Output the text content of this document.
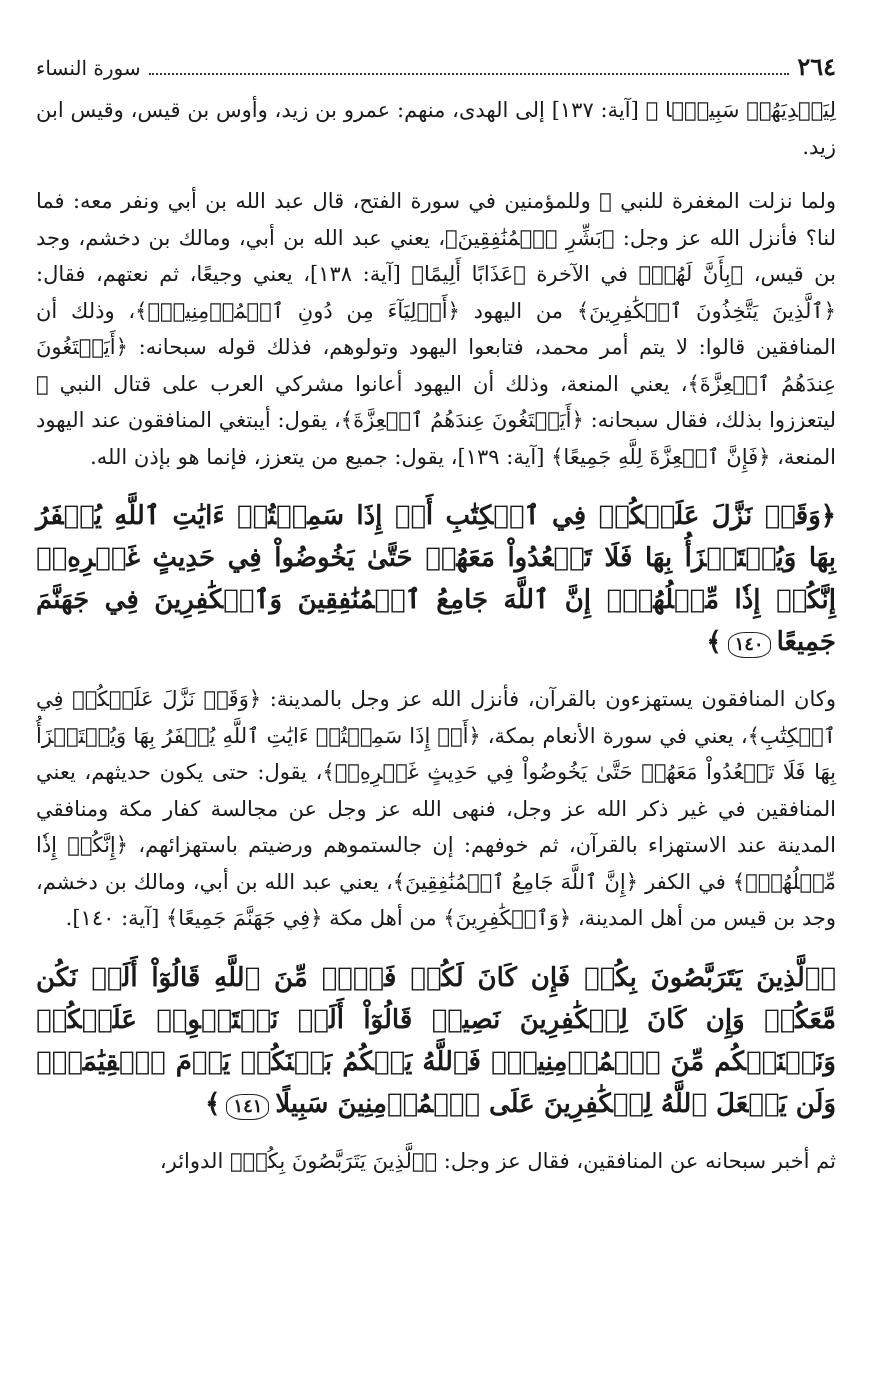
٢٦٤
سورة النساء

لِيَهۡدِيَهُمۡ سَبِيلَۢا ﴾ [آية: ١٣٧] إلى الهدى، منهم: عمرو بن زيد، وأوس بن قيس، وقيس ابن زيد.

ولما نزلت المغفرة للنبي ﷺ وللمؤمنين في سورة الفتح، قال عبد الله بن أبي ونفر معه: فما لنا؟ فأنزل الله عز وجل: ﴿بَشِّرِ ٱلۡمُنَٰفِقِينَ﴾، يعني عبد الله بن أبي، ومالك بن دخشم، وجد بن قيس، ﴿بِأَنَّ لَهُمۡ﴾ في الآخرة ﴿عَذَابًا أَلِيمًا﴾ [آية: ١٣٨]، يعني وجيعًا، ثم نعتهم، فقال: ﴿ٱلَّذِينَ يَتَّخِذُونَ ٱلۡكَٰفِرِينَ﴾ من اليهود ﴿أَوۡلِيَآءَ مِن دُونِ ٱلۡمُؤۡمِنِينَۚ﴾، وذلك أن المنافقين قالوا: لا يتم أمر محمد، فتابعوا اليهود وتولوهم، فذلك قوله سبحانه: ﴿أَيَبۡتَغُونَ عِندَهُمُ ٱلۡعِزَّةَ﴾، يعني المنعة، وذلك أن اليهود أعانوا مشركي العرب على قتال النبي ﷺ ليتعززوا بذلك، فقال سبحانه: ﴿أَيَبۡتَغُونَ عِندَهُمُ ٱلۡعِزَّةَ﴾، يقول: أيبتغي المنافقون عند اليهود المنعة، ﴿فَإِنَّ ٱلۡعِزَّةَ لِلَّهِ جَمِيعًا﴾ [آية: ١٣٩]، يقول: جميع من يتعزز، فإنما هو بإذن الله.

﴿وَقَدۡ نَزَّلَ عَلَيۡكُمۡ فِي ٱلۡكِتَٰبِ أَنۡ إِذَا سَمِعۡتُمۡ ءَايَٰتِ ٱللَّهِ يُكۡفَرُ بِهَا وَيُسۡتَهۡزَأُ بِهَا فَلَا تَقۡعُدُواْ مَعَهُمۡ حَتَّىٰ يَخُوضُواْ فِي حَدِيثٍ غَيۡرِهِۦٓ إِنَّكُمۡ إِذٗا مِّثۡلُهُمۡۗ إِنَّ ٱللَّهَ جَامِعُ ٱلۡمُنَٰفِقِينَ وَٱلۡكَٰفِرِينَ فِي جَهَنَّمَ جَمِيعًا١٤٠﴾

وكان المنافقون يستهزءون بالقرآن، فأنزل الله عز وجل بالمدينة: ﴿وَقَدۡ نَزَّلَ عَلَيۡكُمۡ فِي ٱلۡكِتَٰبِ﴾، يعني في سورة الأنعام بمكة، ﴿أَنۡ إِذَا سَمِعۡتُمۡ ءَايَٰتِ ٱللَّهِ يُكۡفَرُ بِهَا وَيُسۡتَهۡزَأُ بِهَا فَلَا تَقۡعُدُواْ مَعَهُمۡ حَتَّىٰ يَخُوضُواْ فِي حَدِيثٍ غَيۡرِهِۦٓ﴾، يقول: حتى يكون حديثهم، يعني المنافقين في غير ذكر الله عز وجل، فنهى الله عز وجل عن مجالسة كفار مكة ومنافقي المدينة عند الاستهزاء بالقرآن، ثم خوفهم: إن جالستموهم ورضيتم باستهزائهم، ﴿إِنَّكُمۡ إِذٗا مِّثۡلُهُمۡۗ﴾ في الكفر ﴿إِنَّ ٱللَّهَ جَامِعُ ٱلۡمُنَٰفِقِينَ﴾، يعني عبد الله بن أبي، ومالك بن دخشم، وجد بن قيس من أهل المدينة، ﴿وَٱلۡكَٰفِرِينَ﴾ من أهل مكة ﴿فِي جَهَنَّمَ جَمِيعًا﴾ [آية: ١٤٠].

﴿ٱلَّذِينَ يَتَرَبَّصُونَ بِكُمۡ فَإِن كَانَ لَكُمۡ فَتۡحٞ مِّنَ ٱللَّهِ قَالُوٓاْ أَلَمۡ نَكُن مَّعَكُمۡ وَإِن كَانَ لِلۡكَٰفِرِينَ نَصِيبٞ قَالُوٓاْ أَلَمۡ نَسۡتَحۡوِذۡ عَلَيۡكُمۡ وَنَمۡنَعۡكُم مِّنَ ٱلۡمُؤۡمِنِينَۚ فَٱللَّهُ يَحۡكُمُ بَيۡنَكُمۡ يَوۡمَ ٱلۡقِيَٰمَةِۗ وَلَن يَجۡعَلَ ٱللَّهُ لِلۡكَٰفِرِينَ عَلَى ٱلۡمُؤۡمِنِينَ سَبِيلًا١٤١﴾

ثم أخبر سبحانه عن المنافقين، فقال عز وجل: ﴿ٱلَّذِينَ يَتَرَبَّصُونَ بِكُمۡ﴾ الدوائر،
